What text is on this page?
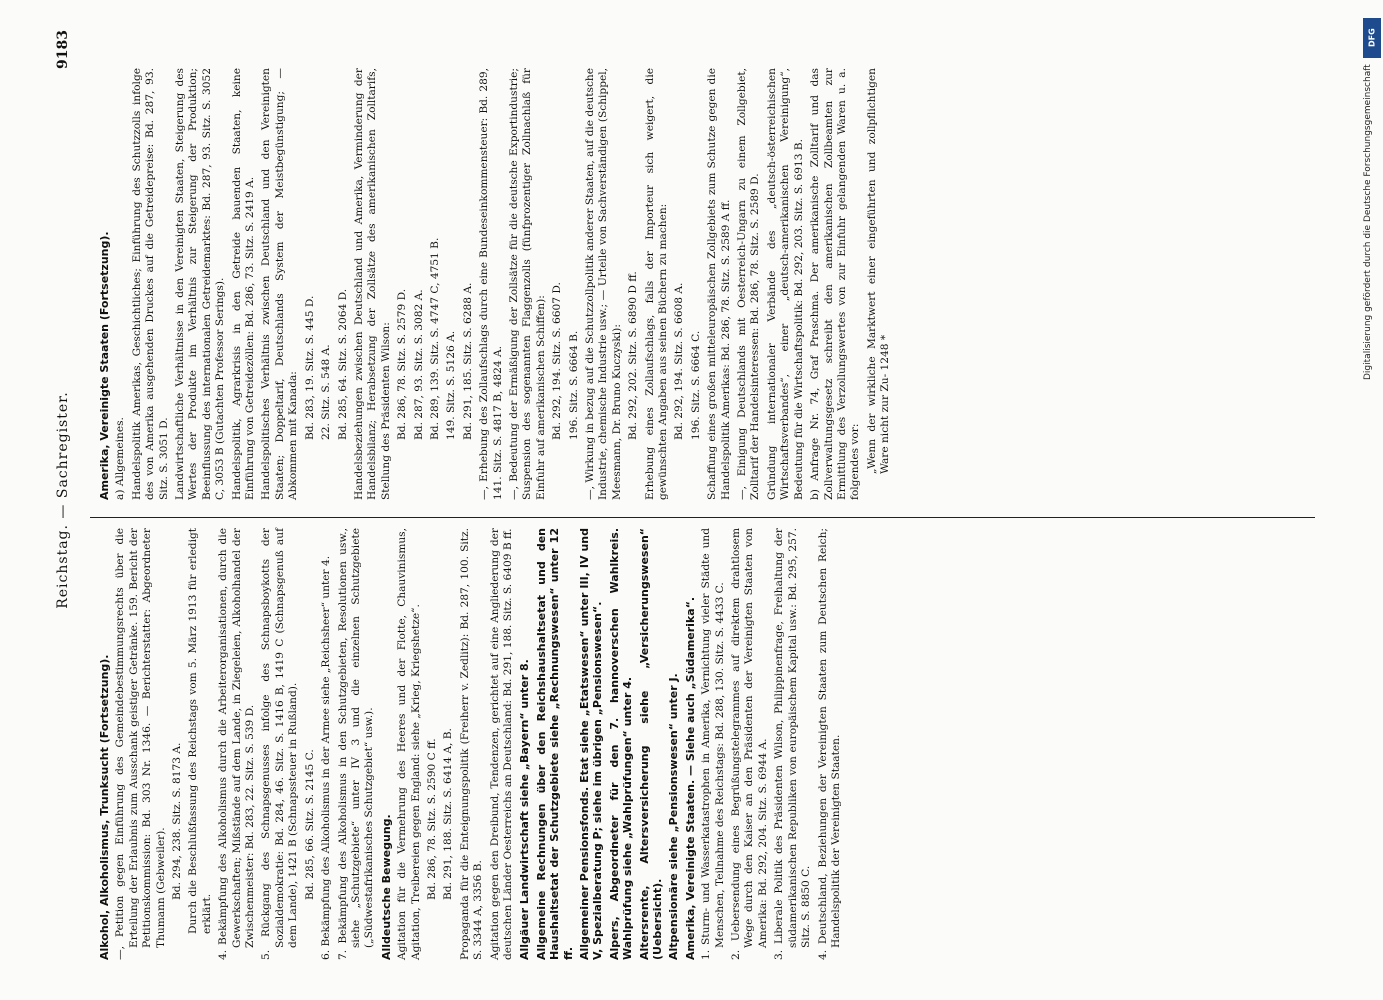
Reichstag. — Sachregister.
9183

Alkohol, Alkoholismus, Trunksucht (Fortsetzung). —, Petition gegen Einführung des Gemeindebestimmungsrechts über die Erteilung der Erlaubnis zum Ausschank geistiger Getränke. 159. Bericht der Petitionskommission: Bd. 303 Nr. 1346. — Berichterstatter: Abgeordneter Thumann (Gebweiler). Bd. 294, 238. Sitz. S. 8173 A. Durch die Beschlußfassung des Reichstags vom 5. März 1913 für erledigt erklärt. 4. Bekämpfung des Alkoholismus durch die Arbeiterorganisationen, durch die Gewerkschaften; Mißstände auf dem Lande, in Ziegeleien, Alkoholhandel der Zwischenmeister: Bd. 283, 22. Sitz. S. 539 D. 5. Rückgang des Schnapsgenusses infolge des Schnapsboykotts der Sozialdemokratie: Bd. 284, 46. Sitz. S. 1416 B, 1419 C (Schnapsgenuß auf dem Lande), 1421 B (Schnapssteuer in Rußland). Bd. 285, 66. Sitz. S. 2145 C. 6. Bekämpfung des Alkoholismus in der Armee siehe „Reichsheer“ unter 4. 7. Bekämpfung des Alkoholismus in den Schutzgebieten, Resolutionen usw., siehe „Schutzgebiete“ unter IV 3 und die einzelnen Schutzgebiete („Südwestafrikanisches Schutzgebiet“ usw.). Alldeutsche Bewegung. Agitation für die Vermehrung des Heeres und der Flotte, Chauvinismus, Agitation, Treibereien gegen England: siehe „Krieg, Kriegshetze“. Bd. 286, 78. Sitz. S. 2590 C ff. Bd. 291, 188. Sitz. S. 6414 A, B. Propaganda für die Enteignungspolitik (Freiherr v. Zedlitz): Bd. 287, 100. Sitz. S. 3344 A, 3356 B. Agitation gegen den Dreibund, Tendenzen, gerichtet auf eine Angliederung der deutschen Länder Oesterreichs an Deutschland: Bd. 291, 188. Sitz. S. 6409 B ff. Allgäuer Landwirtschaft siehe „Bayern“ unter 8. Allgemeine Rechnungen über den Reichshaushaltsetat und den Haushaltsetat der Schutzgebiete siehe „Rechnungswesen“ unter 12 ff. Allgemeiner Pensionsfonds. Etat siehe „Etatswesen“ unter III, IV und V, Spezialberatung P; siehe im übrigen „Pensionswesen“. Alpers, Abgeordneter für den 7. hannoverschen Wahlkreis. Wahlprüfung siehe „Wahlprüfungen“ unter 4. Altersrente, Altersversicherung siehe „Versicherungswesen“ (Uebersicht). Altpensionäre siehe „Pensionswesen“ unter J. Amerika, Vereinigte Staaten. — Siehe auch „Südamerika“. 1. Sturm- und Wasserkatastrophen in Amerika, Vernichtung vieler Städte und Menschen, Teilnahme des Reichstags: Bd. 288, 130. Sitz. S. 4433 C. 2. Uebersendung eines Begrüßungstelegrammes auf direktem drahtlosem Wege durch den Kaiser an den Präsidenten der Vereinigten Staaten von Amerika: Bd. 292, 204. Sitz. S. 6944 A. 3. Liberale Politik des Präsidenten Wilson, Philippinenfrage, Freihaltung der südamerikanischen Republiken von europäischem Kapital usw.: Bd. 295, 257. Sitz. S. 8850 C. 4. Deutschland, Beziehungen der Vereinigten Staaten zum Deutschen Reich; Handelspolitik der Vereinigten Staaten.

Amerika, Vereinigte Staaten (Fortsetzung). a) Allgemeines. Handelspolitik Amerikas, Geschichtliches; Einführung des Schutzzolls infolge des von Amerika ausgehenden Druckes auf die Getreidepreise: Bd. 287, 93. Sitz. S. 3051 D. Landwirtschaftliche Verhältnisse in den Vereinigten Staaten, Steigerung des Wertes der Produkte im Verhältnis zur Steigerung der Produktion; Beeinflussung des internationalen Getreidemarktes: Bd. 287, 93. Sitz. S. 3052 C, 3053 B (Gutachten Professor Serings). Handelspolitik, Agrarkrisis in den Getreide bauenden Staaten, keine Einführung von Getreidezöllen: Bd. 286, 73. Sitz. S. 2419 A. Handelspolitisches Verhältnis zwischen Deutschland und den Vereinigten Staaten; Doppeltarif, Deutschlands System der Meistbegünstigung; — Abkommen mit Kanada: Bd. 283, 19. Sitz. S. 445 D. 22. Sitz. S. 548 A. Bd. 285, 64. Sitz. S. 2064 D. Handelsbeziehungen zwischen Deutschland und Amerika, Verminderung der Handelsbilanz; Herabsetzung der Zollsätze des amerikanischen Zolltarifs, Stellung des Präsidenten Wilson: Bd. 286, 78. Sitz. S. 2579 D. Bd. 287, 93. Sitz. S. 3082 A. Bd. 289, 139. Sitz. S. 4747 C, 4751 B. 149. Sitz. S. 5126 A. Bd. 291, 185. Sitz. S. 6288 A. —, Erhebung des Zollaufschlags durch eine Bundeseinkommensteuer: Bd. 289, 141. Sitz. S. 4817 B, 4824 A. —, Bedeutung der Ermäßigung der Zollsätze für die deutsche Exportindustrie; Suspension des sogenannten Flaggenzolls (fünfprozentiger Zollnachlaß für Einfuhr auf amerikanischen Schiffen): Bd. 292, 194. Sitz. S. 6607 D. 196. Sitz. S. 6664 B. —, Wirkung in bezug auf die Schutzzollpolitik anderer Staaten, auf die deutsche Industrie, chemische Industrie usw.; — Urteile von Sachverständigen (Schippel, Meesmann, Dr. Bruno Kuczyski): Bd. 292, 202. Sitz. S. 6890 D ff. Erhebung eines Zollaufschlags, falls der Importeur sich weigert, die gewünschten Angaben aus seinen Büchern zu machen: Bd. 292, 194. Sitz. S. 6608 A. 196. Sitz. S. 6664 C. Schaffung eines großen mitteleuropäischen Zollgebiets zum Schutze gegen die Handelspolitik Amerikas: Bd. 286, 78. Sitz. S. 2589 A ff. —, Einigung Deutschlands mit Oesterreich-Ungarn zu einem Zollgebiet, Zolltarif der Handelsinteressen: Bd. 286, 78. Sitz. S. 2589 D. Gründung internationaler Verbände des „deutsch-österreichischen Wirtschaftsverbandes“, einer „deutsch-amerikanischen Vereinigung“, Bedeutung für die Wirtschaftspolitik: Bd. 292, 203. Sitz. S. 6913 B. b) Anfrage Nr. 74, Graf Praschma. Der amerikanische Zolltarif und das Zollverwaltungsgesetz schreibt den amerikanischen Zollbeamten zur Ermittlung des Verzollungswertes von zur Einfuhr gelangenden Waren u. a. folgendes vor: „Wenn der wirkliche Marktwert einer eingeführten und zollpflichtigen Ware nicht zur Zu- 1248 *

DFG
Digitalisierung gefördert durch die Deutsche Forschungsgemeinschaft
